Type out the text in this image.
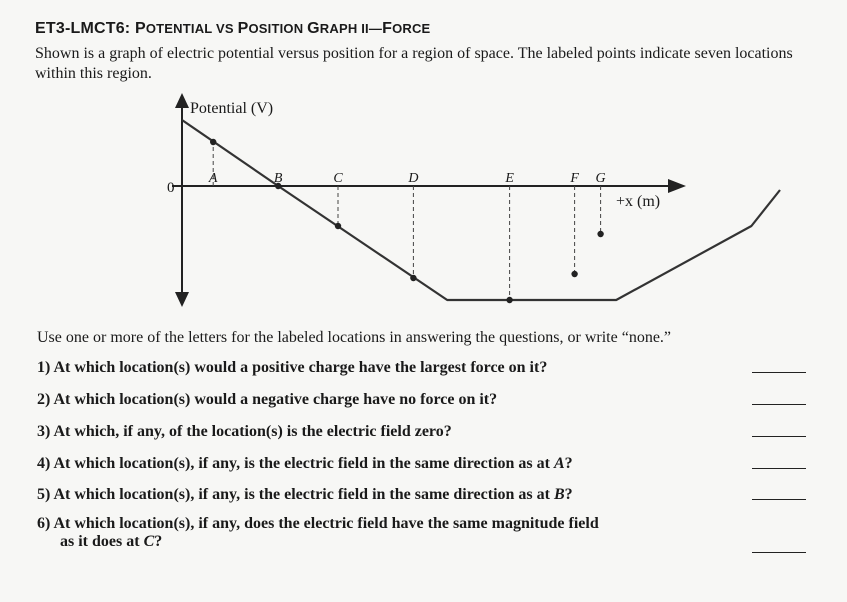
ET3-LMCT6: POTENTIAL VS POSITION GRAPH II—FORCE
Shown is a graph of electric potential versus position for a region of space. The labeled points indicate seven locations within this region.
Potential (V)
+x (m)
0
A	B	C	D	E	F G
Use one or more of the letters for the labeled locations in answering the questions, or write “none.”
1) At which location(s) would a positive charge have the largest force on it?
2) At which location(s) would a negative charge have no force on it?
3) At which, if any, of the location(s) is the electric field zero?
4) At which location(s), if any, is the electric field in the same direction as at A?
5) At which location(s), if any, is the electric field in the same direction as at B?
6) At which location(s), if any, does the electric field have the same magnitude field
as it does at C?
